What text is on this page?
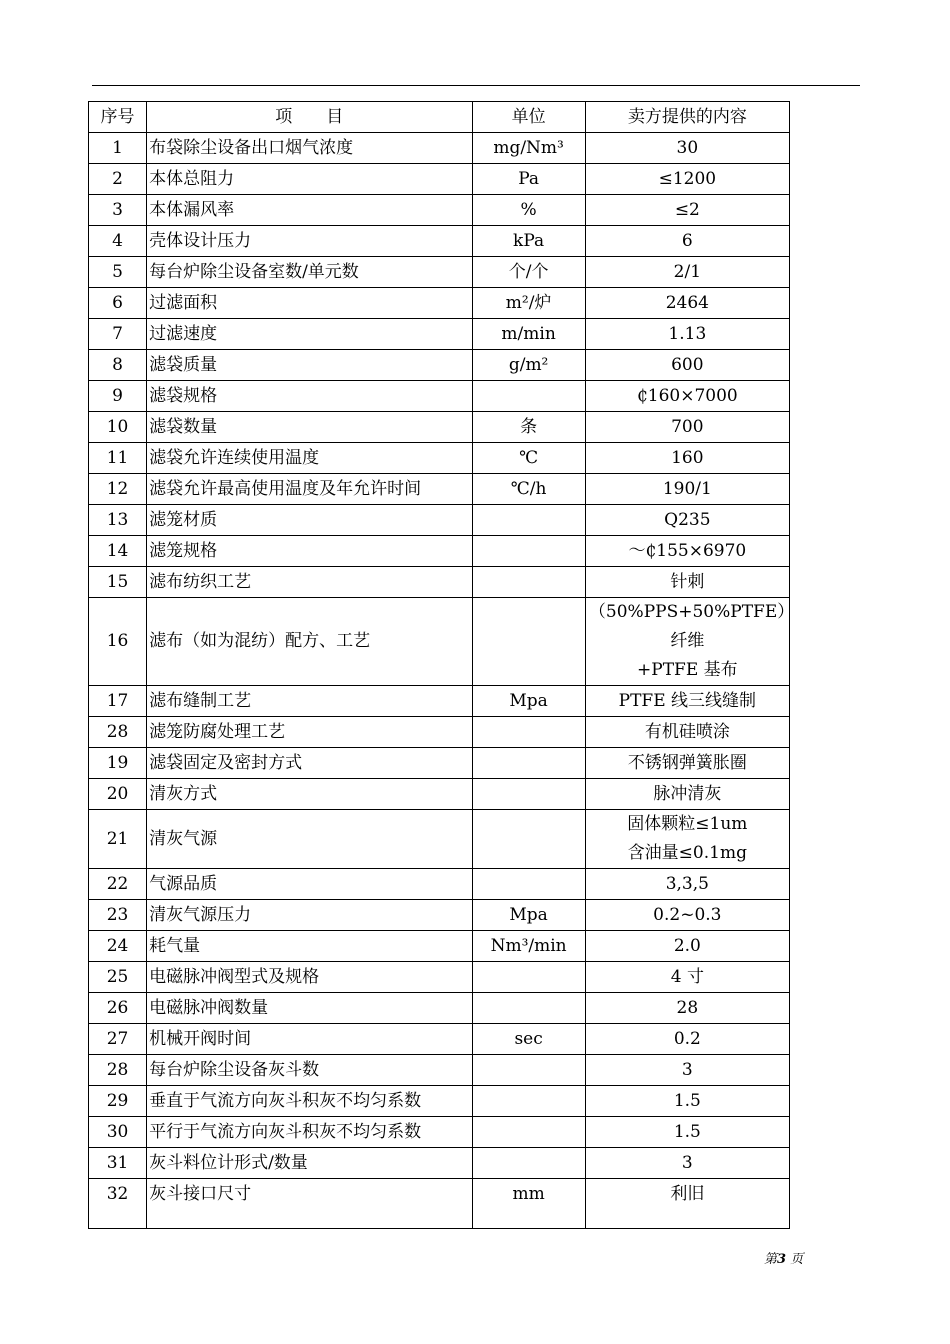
序号	项　　目	单位	卖方提供的内容
1	布袋除尘设备出口烟气浓度	mg/Nm³	30
2	本体总阻力	Pa	≤1200
3	本体漏风率	%	≤2
4	壳体设计压力	kPa	6
5	每台炉除尘设备室数/单元数	个/个	2/1
6	过滤面积	m²/炉	2464
7	过滤速度	m/min	1.13
8	滤袋质量	g/m²	600
9	滤袋规格		₵160×7000
10	滤袋数量	条	700
11	滤袋允许连续使用温度	℃	160
12	滤袋允许最高使用温度及年允许时间	℃/h	190/1
13	滤笼材质		Q235
14	滤笼规格		～₵155×6970
15	滤布纺织工艺		针刺
16	滤布（如为混纺）配方、工艺		（50%PPS+50%PTFE）纤维
+PTFE 基布

17	滤布缝制工艺	Mpa	PTFE 线三线缝制
28	滤笼防腐处理工艺		有机硅喷涂
19	滤袋固定及密封方式		不锈钢弹簧胀圈
20	清灰方式		脉冲清灰
21	清灰气源		固体颗粒≤1um
含油量≤0.1mg

22	气源品质		3,3,5
23	清灰气源压力	Mpa	0.2~0.3
24	耗气量	Nm³/min	2.0
25	电磁脉冲阀型式及规格		4 寸
26	电磁脉冲阀数量		28
27	机械开阀时间	sec	0.2
28	每台炉除尘设备灰斗数		3
29	垂直于气流方向灰斗积灰不均匀系数		1.5
30	平行于气流方向灰斗积灰不均匀系数		1.5
31	灰斗料位计形式/数量		3
32	灰斗接口尺寸	mm	利旧
第3 页
